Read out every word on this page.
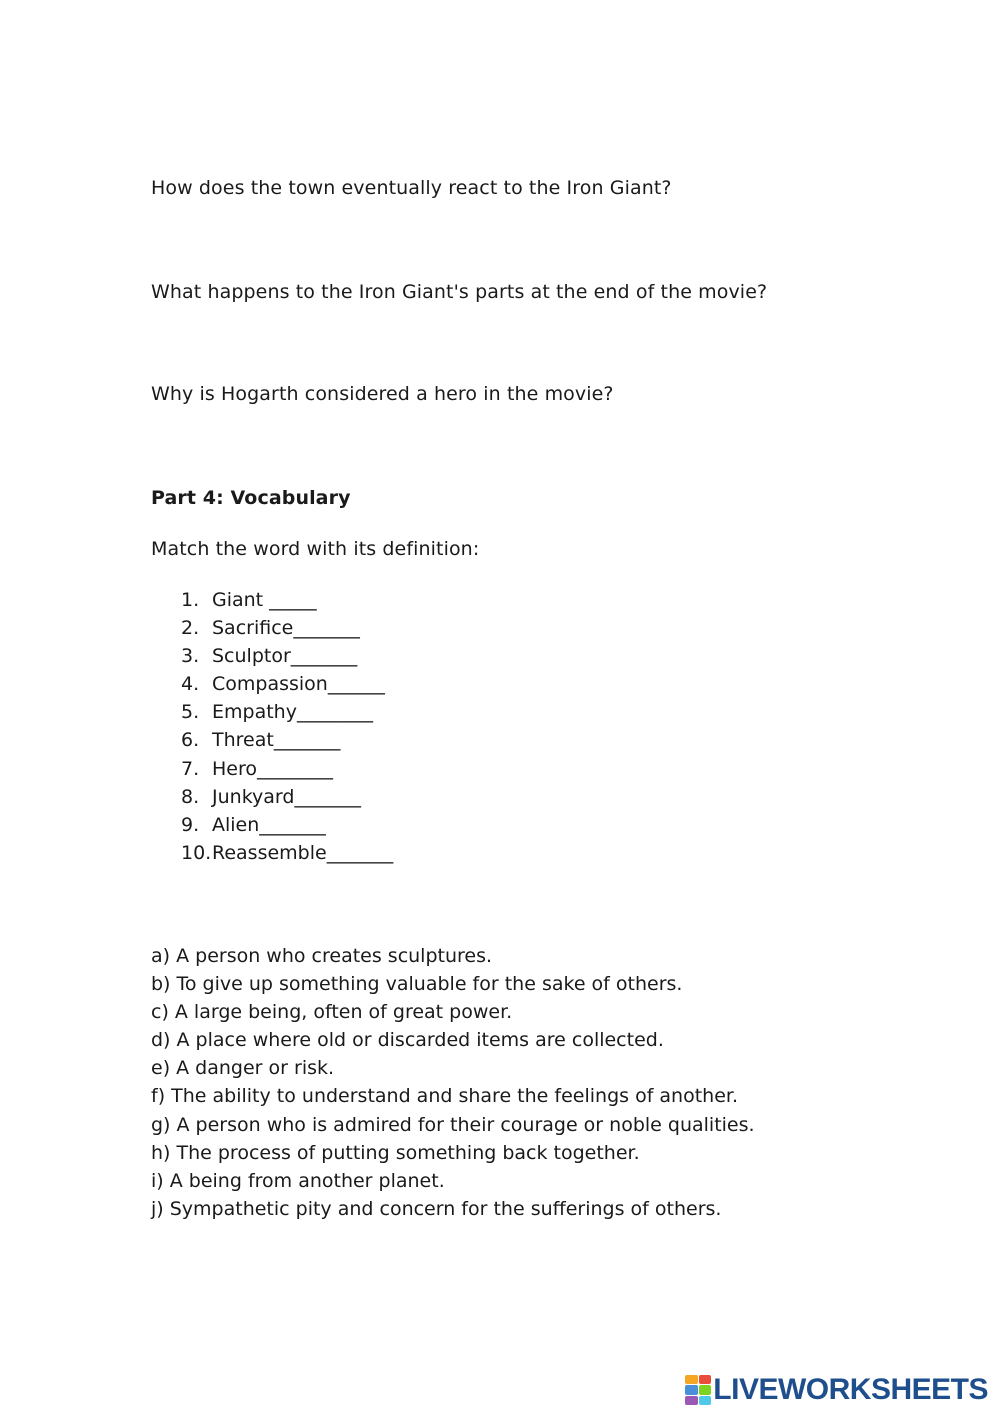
How does the town eventually react to the Iron Giant?
What happens to the Iron Giant's parts at the end of the movie?
Why is Hogarth considered a hero in the movie?
Part 4: Vocabulary
Match the word with its definition:
1. Giant _____
2. Sacrifice_______
3. Sculptor_______
4. Compassion______
5. Empathy________
6. Threat_______
7. Hero________
8. Junkyard_______
9. Alien_______
10. Reassemble_______
a) A person who creates sculptures.
b) To give up something valuable for the sake of others.
c) A large being, often of great power.
d) A place where old or discarded items are collected.
e) A danger or risk.
f) The ability to understand and share the feelings of another.
g) A person who is admired for their courage or noble qualities.
h) The process of putting something back together.
i) A being from another planet.
j) Sympathetic pity and concern for the sufferings of others.
LIVEWORKSHEETS
